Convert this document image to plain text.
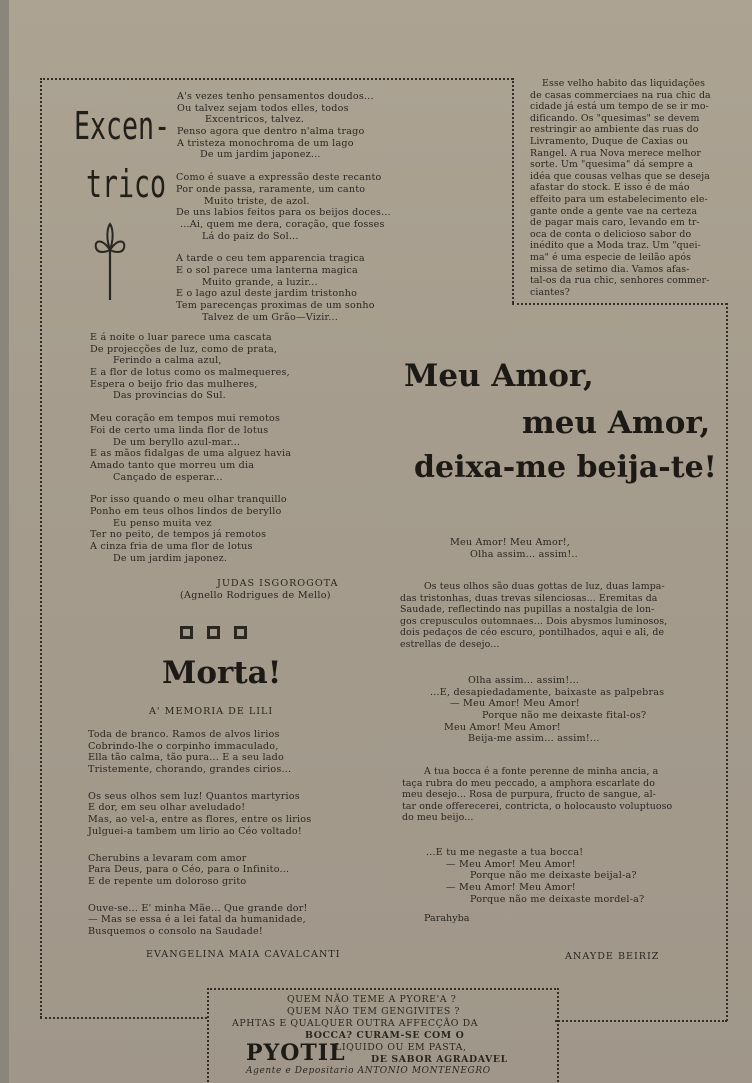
Excen-
trico
A's vezes tenho pensamentos doudos...
Ou talvez sejam todos elles, todos
Excentricos, talvez.
Penso agora que dentro n'alma trago
A tristeza monochroma de um lago
De um jardim japonez...
Como é suave a expressão deste recanto
Por onde passa, raramente, um canto
Muito triste, de azol.
De uns labios feitos para os beijos doces...
...Ai, quem me dera, coração, que fosses
Lá do paiz do Sol...
A tarde o ceu tem apparencia tragica
E o sol parece uma lanterna magica
Muito grande, a luzir...
E o lago azul deste jardim tristonho
Tem parecenças proximas de um sonho
Talvez de um Grão—Vizir...
E á noite o luar parece uma cascata
De projecções de luz, como de prata,
Ferindo a calma azul,
E a flor de lotus como os malmequeres,
Espera o beijo frio das mulheres,
Das provincias do Sul.
Meu coração em tempos mui remotos
Foi de certo uma linda flor de lotus
De um beryllo azul-mar...
E as mãos fidalgas de uma alguez havia
Amado tanto que morreu um dia
Cançado de esperar...
Por isso quando o meu olhar tranquillo
Ponho em teus olhos lindos de beryllo
Eu penso muita vez
Ter no peito, de tempos já remotos
A cinza fria de uma flor de lotus
De um jardim japonez.
JUDAS ISGOROGOTA
(Agnello Rodrigues de Mello)
Morta!
A' MEMORIA DE LILI
Toda de branco. Ramos de alvos lirios
Cobrindo-lhe o corpinho immaculado,
Ella tão calma, tão pura... E a seu lado
Tristemente, chorando, grandes cirios...
Os seus olhos sem luz! Quantos martyrios
E dor, em seu olhar aveludado!
Mas, ao vel-a, entre as flores, entre os lirios
Julguei-a tambem um lirio ao Céo voltado!
Cherubins a levaram com amor
Para Deus, para o Céo, para o Infinito...
E de repente um doloroso grito
Ouve-se... E' minha Mãe... Que grande dor!
— Mas se essa é a lei fatal da humanidade,
Busquemos o consolo na Saudade!
EVANGELINA MAIA CAVALCANTI
Esse velho habito das liquidações
de casas commerciaes na rua chic da
cidade já está um tempo de se ir mo-
dificando. Os "quesimas" se devem
restringir ao ambiente das ruas do
Livramento, Duque de Caxias ou
Rangel. A rua Nova merece melhor
sorte. Um "quesima" dá sempre a
idéa que cousas velhas que se deseja
afastar do stock. E isso é de máo
effeito para um estabelecimento ele-
gante onde a gente vae na certeza
de pagar mais caro, levando em tr-
oca de conta o delicioso sabor do
inédito que a Moda traz. Um "quei-
ma" é uma especie de leilão após
missa de setimo dia. Vamos afas-
tal-os da rua chic, senhores commer-
ciantes?
Meu Amor,
meu Amor,
deixa-me beija-te!
Meu Amor! Meu Amor!,
Olha assim... assim!..
Os teus olhos são duas gottas de luz, duas lampa-
das tristonhas, duas trevas silenciosas... Eremitas da
Saudade, reflectindo nas pupillas a nostalgia de lon-
gos crepusculos outomnaes... Dois abysmos luminosos,
dois pedaços de céo escuro, pontilhados, aqui e ali, de
estrellas de desejo...
Olha assim... assim!...
...E, desapiedadamente, baixaste as palpebras
— Meu Amor! Meu Amor!
Porque não me deixaste fital-os?
Meu Amor! Meu Amor!
Beija-me assim... assim!...
A tua bocca é a fonte perenne de minha ancia, a
taça rubra do meu peccado, a amphora escarlate do
meu desejo... Rosa de purpura, fructo de sangue, al-
tar onde offerecerei, contricta, o holocausto voluptuoso
do meu beijo...
...E tu me negaste a tua bocca!
— Meu Amor! Meu Amor!
Porque não me deixaste beijal-a?
— Meu Amor! Meu Amor!
Porque não me deixaste mordel-a?
Parahyba
ANAYDE BEIRIZ
QUEM NÃO TEME A PYORE'A ?
QUEM NÃO TEM GENGIVITES ?
APHTAS E QUALQUER OUTRA AFFECÇÃO DA
BOCCA? CURAM-SE COM O
PYOTIL
LIQUIDO OU EM PASTA,
DE SABOR AGRADAVEL
Agente e Depositario ANTONIO MONTENEGRO
